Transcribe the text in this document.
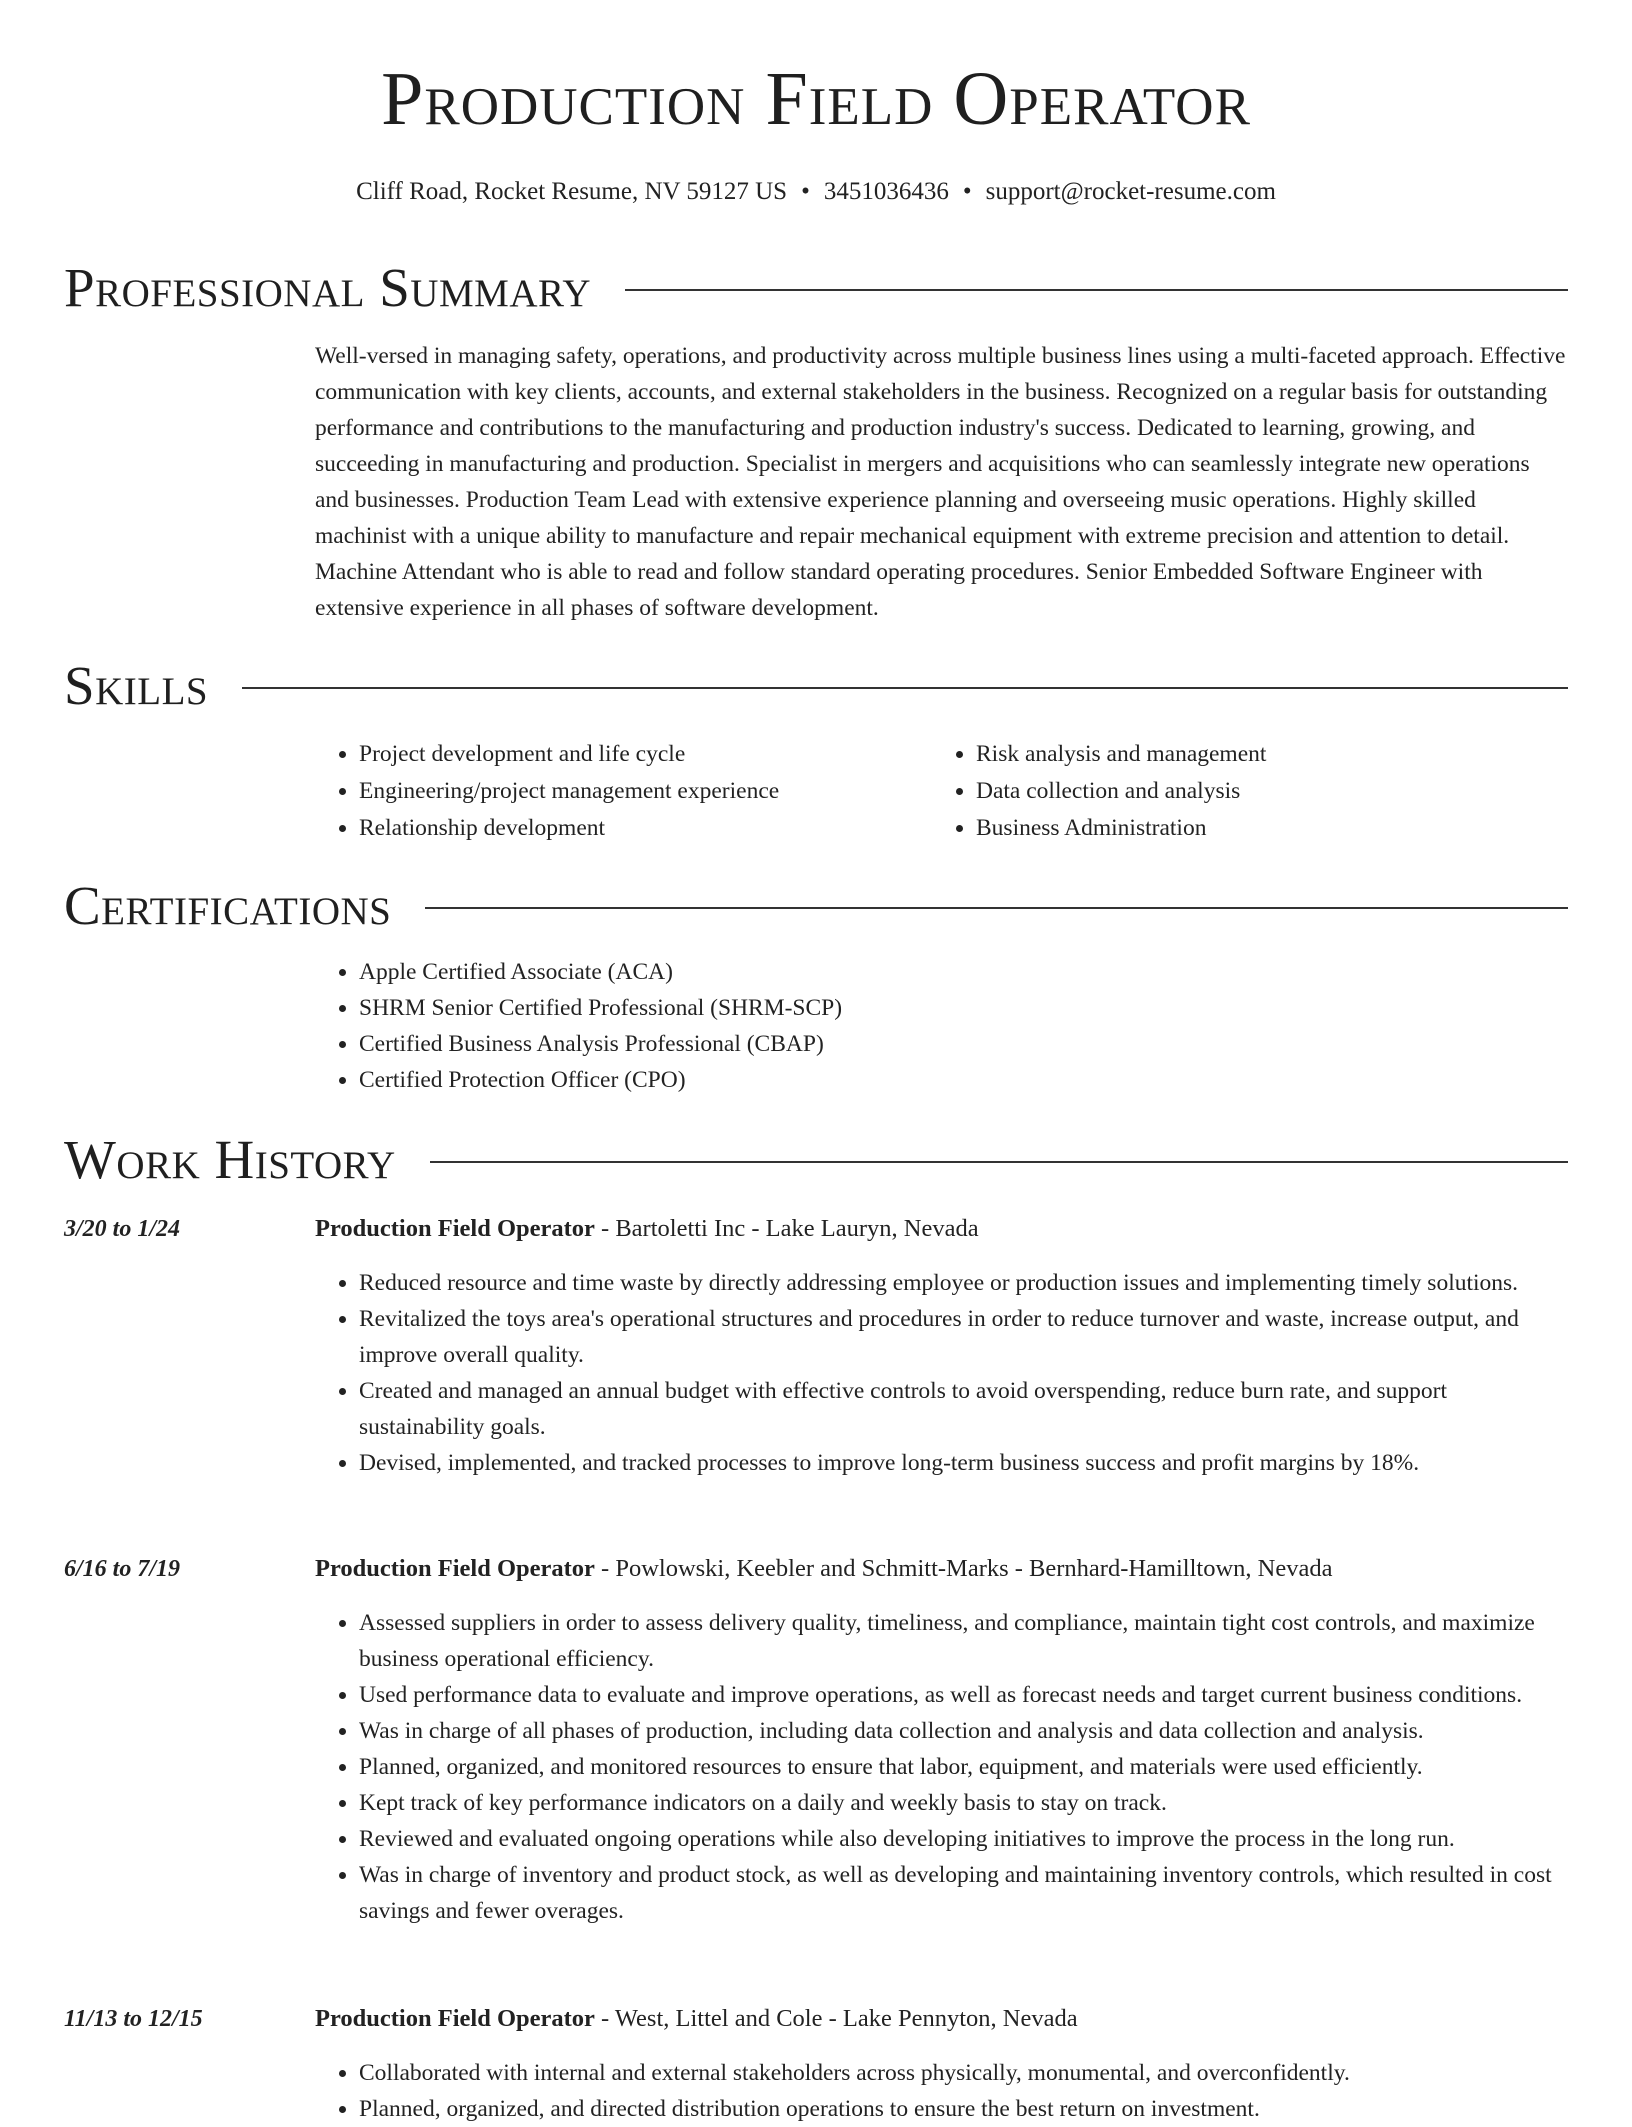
Production Field Operator
Cliff Road, Rocket Resume, NV 59127 US • 3451036436 • support@rocket-resume.com
Professional Summary

Well-versed in managing safety, operations, and productivity across multiple business lines using a multi-faceted approach. Effective communication with key clients, accounts, and external stakeholders in the business. Recognized on a regular basis for outstanding performance and contributions to the manufacturing and production industry's success. Dedicated to learning, growing, and succeeding in manufacturing and production. Specialist in mergers and acquisitions who can seamlessly integrate new operations and businesses. Production Team Lead with extensive experience planning and overseeing music operations. Highly skilled machinist with a unique ability to manufacture and repair mechanical equipment with extreme precision and attention to detail. Machine Attendant who is able to read and follow standard operating procedures. Senior Embedded Software Engineer with extensive experience in all phases of software development.

Skills
• Project development and life cycle
• Engineering/project management experience
• Relationship development
• Risk analysis and management
• Data collection and analysis
• Business Administration
Certifications
• Apple Certified Associate (ACA)
• SHRM Senior Certified Professional (SHRM-SCP)
• Certified Business Analysis Professional (CBAP)
• Certified Protection Officer (CPO)
Work History
3/20 to 1/24	Production Field Operator - Bartoletti Inc - Lake Lauryn, Nevada
• Reduced resource and time waste by directly addressing employee or production issues and implementing timely solutions.
• Revitalized the toys area's operational structures and procedures in order to reduce turnover and waste, increase output, and improve overall quality.
• Created and managed an annual budget with effective controls to avoid overspending, reduce burn rate, and support sustainability goals.
• Devised, implemented, and tracked processes to improve long-term business success and profit margins by 18%.
6/16 to 7/19	Production Field Operator - Powlowski, Keebler and Schmitt-Marks - Bernhard-Hamilltown, Nevada
• Assessed suppliers in order to assess delivery quality, timeliness, and compliance, maintain tight cost controls, and maximize business operational efficiency.
• Used performance data to evaluate and improve operations, as well as forecast needs and target current business conditions.
• Was in charge of all phases of production, including data collection and analysis and data collection and analysis.
• Planned, organized, and monitored resources to ensure that labor, equipment, and materials were used efficiently.
• Kept track of key performance indicators on a daily and weekly basis to stay on track.
• Reviewed and evaluated ongoing operations while also developing initiatives to improve the process in the long run.
• Was in charge of inventory and product stock, as well as developing and maintaining inventory controls, which resulted in cost savings and fewer overages.
11/13 to 12/15	Production Field Operator - West, Littel and Cole - Lake Pennyton, Nevada
• Collaborated with internal and external stakeholders across physically, monumental, and overconfidently.
• Planned, organized, and directed distribution operations to ensure the best return on investment.
